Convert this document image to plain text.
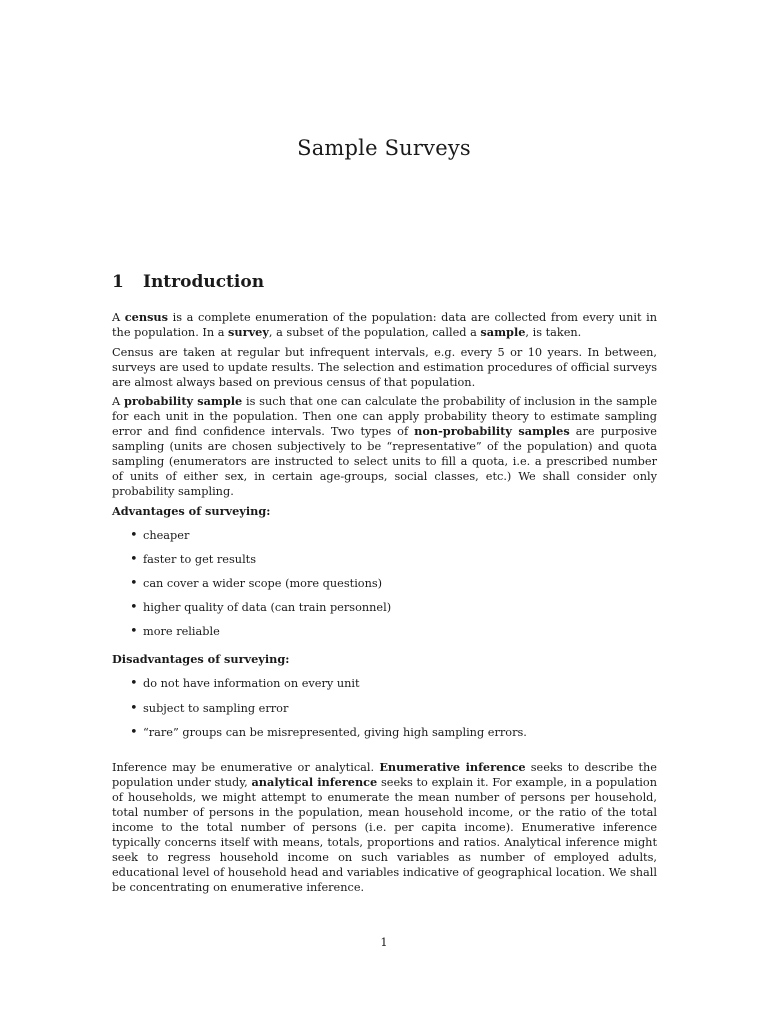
Sample Surveys
1 Introduction

A census is a complete enumeration of the population: data are collected from every unit in the population. In a survey, a subset of the population, called a sample, is taken.

Census are taken at regular but infrequent intervals, e.g. every 5 or 10 years. In between, surveys are used to update results. The selection and estimation procedures of official surveys are almost always based on previous census of that population.

A probability sample is such that one can calculate the probability of inclusion in the sample for each unit in the population. Then one can apply probability theory to estimate sampling error and find confidence intervals. Two types of non-probability samples are purposive sampling (units are chosen subjectively to be “representative” of the population) and quota sampling (enumerators are instructed to select units to fill a quota, i.e. a prescribed number of units of either sex, in certain age-groups, social classes, etc.) We shall consider only probability sampling.

Advantages of surveying:
• cheaper
• faster to get results
• can cover a wider scope (more questions)
• higher quality of data (can train personnel)
• more reliable
Disadvantages of surveying:
• do not have information on every unit
• subject to sampling error
• “rare” groups can be misrepresented, giving high sampling errors.

Inference may be enumerative or analytical. Enumerative inference seeks to describe the population under study, analytical inference seeks to explain it. For example, in a population of households, we might attempt to enumerate the mean number of persons per household, total number of persons in the population, mean household income, or the ratio of the total income to the total number of persons (i.e. per capita income). Enumerative inference typically concerns itself with means, totals, proportions and ratios. Analytical inference might seek to regress household income on such variables as number of employed adults, educational level of household head and variables indicative of geographical location. We shall be concentrating on enumerative inference.

1
